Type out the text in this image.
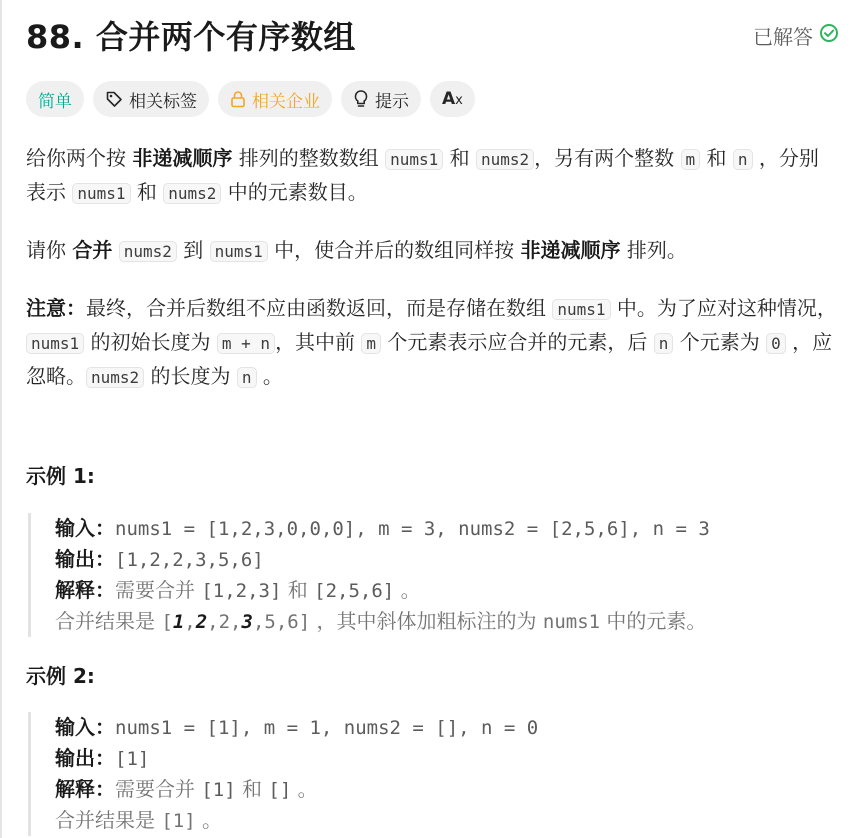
88. 合并两个有序数组	已解答
简单	相关标签	相关企业	提示 Ax

给你两个按 非递减顺序 排列的整数数组 nums1 和 nums2 ，另有两个整数 m 和 n ，分别表示 nums1 和 nums2 中的元素数目。

请你 合并 nums2 到 nums1 中，使合并后的数组同样按 非递减顺序 排列。

注意：最终，合并后数组不应由函数返回，而是存储在数组 nums1 中。为了应对这种情况，nums1 的初始长度为 m + n ，其中前 m 个元素表示应合并的元素，后 n 个元素为 0 ，应忽略。 nums2 的长度为 n 。

示例 1:
输入：nums1 = [1,2,3,0,0,0], m = 3, nums2 = [2,5,6], n = 3
输出：[1,2,2,3,5,6]
解释：需要合并 [1,2,3] 和 [2,5,6] 。
合并结果是 [1,2,2,3,5,6] ，其中斜体加粗标注的为 nums1 中的元素。
示例 2:
输入：nums1 = [1], m = 1, nums2 = [], n = 0
输出：[1]
解释：需要合并 [1] 和 [] 。
合并结果是 [1] 。
